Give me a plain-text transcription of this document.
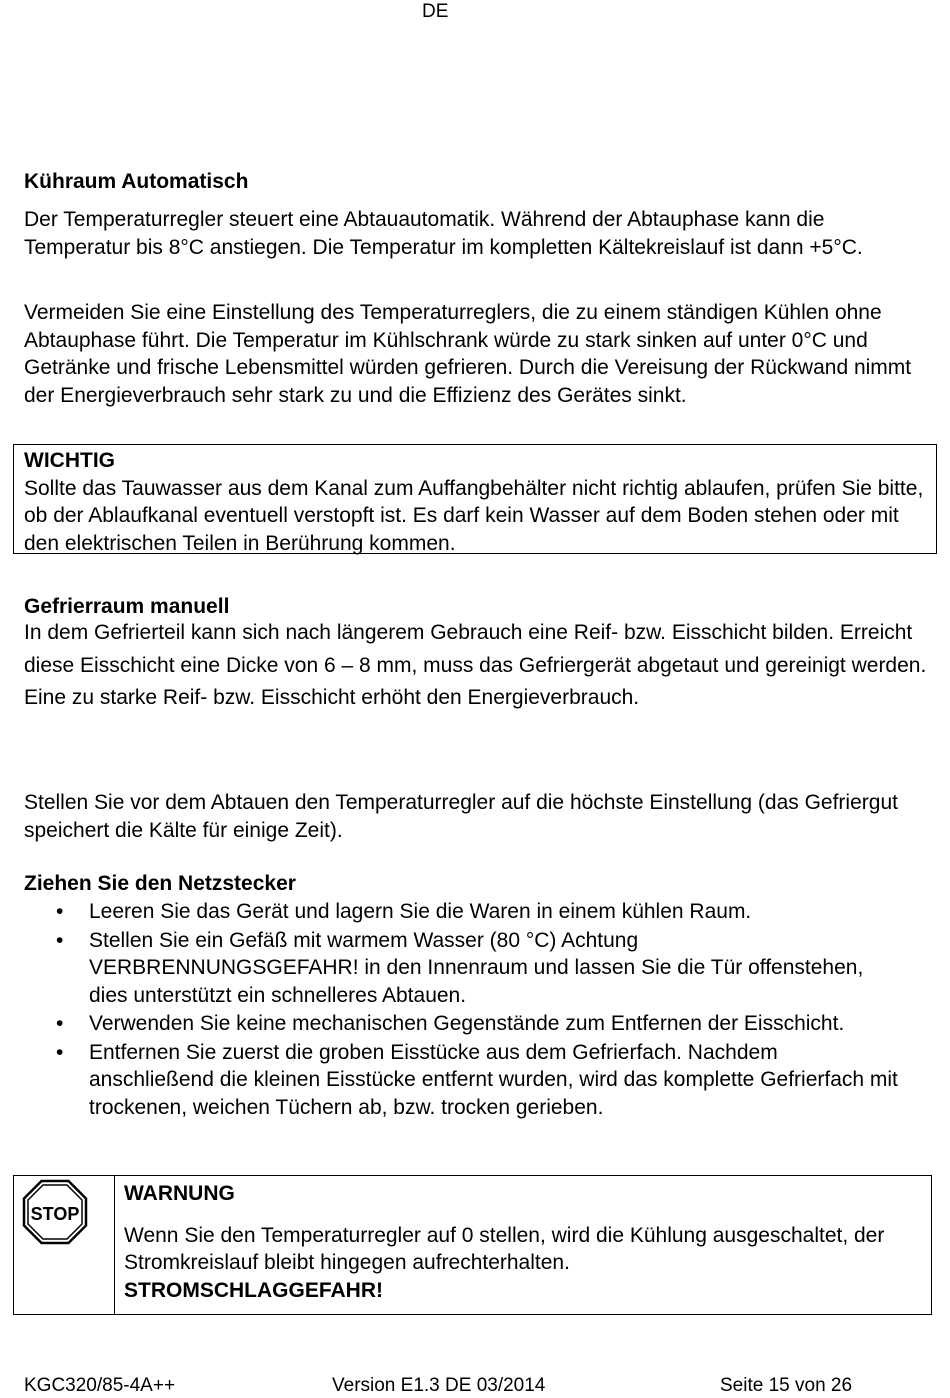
DE
Kühraum Automatisch

Der Temperaturregler steuert eine Abtauautomatik. Während der Abtauphase kann die Temperatur bis 8°C anstiegen. Die Temperatur im kompletten Kältekreislauf ist dann +5°C.

Vermeiden Sie eine Einstellung des Temperaturreglers, die zu einem ständigen Kühlen ohne Abtauphase führt. Die Temperatur im Kühlschrank würde zu stark sinken auf unter 0°C und Getränke und frische Lebensmittel würden gefrieren. Durch die Vereisung der Rückwand nimmt der Energieverbrauch sehr stark zu und die Effizienz des Gerätes sinkt.

WICHTIG
Sollte das Tauwasser aus dem Kanal zum Auffangbehälter nicht richtig ablaufen, prüfen Sie bitte, ob der Ablaufkanal eventuell verstopft ist. Es darf kein Wasser auf dem Boden stehen oder mit den elektrischen Teilen in Berührung kommen.
Gefrierraum manuell

In dem Gefrierteil kann sich nach längerem Gebrauch eine Reif- bzw. Eisschicht bilden. Erreicht diese Eisschicht eine Dicke von 6 – 8 mm, muss das Gefriergerät abgetaut und gereinigt werden. Eine zu starke Reif- bzw. Eisschicht erhöht den Energieverbrauch.

Stellen Sie vor dem Abtauen den Temperaturregler auf die höchste Einstellung (das Gefriergut speichert die Kälte für einige Zeit).

Ziehen Sie den Netzstecker
• Leeren Sie das Gerät und lagern Sie die Waren in einem kühlen Raum.
• Stellen Sie ein Gefäß mit warmem Wasser (80 °C) Achtung VERBRENNUNGSGEFAHR! in den Innenraum und lassen Sie die Tür offenstehen, dies unterstützt ein schnelleres Abtauen.
• Verwenden Sie keine mechanischen Gegenstände zum Entfernen der Eisschicht.
• Entfernen Sie zuerst die groben Eisstücke aus dem Gefrierfach. Nachdem anschließend die kleinen Eisstücke entfernt wurden, wird das komplette Gefrierfach mit trockenen, weichen Tüchern ab, bzw. trocken gerieben.
STOP
WARNUNG
Wenn Sie den Temperaturregler auf 0 stellen, wird die Kühlung ausgeschaltet, der Stromkreislauf bleibt hingegen aufrechterhalten.
STROMSCHLAGGEFAHR!
KGC320/85-4A++	Version E1.3 DE 03/2014	Seite 15 von 26
